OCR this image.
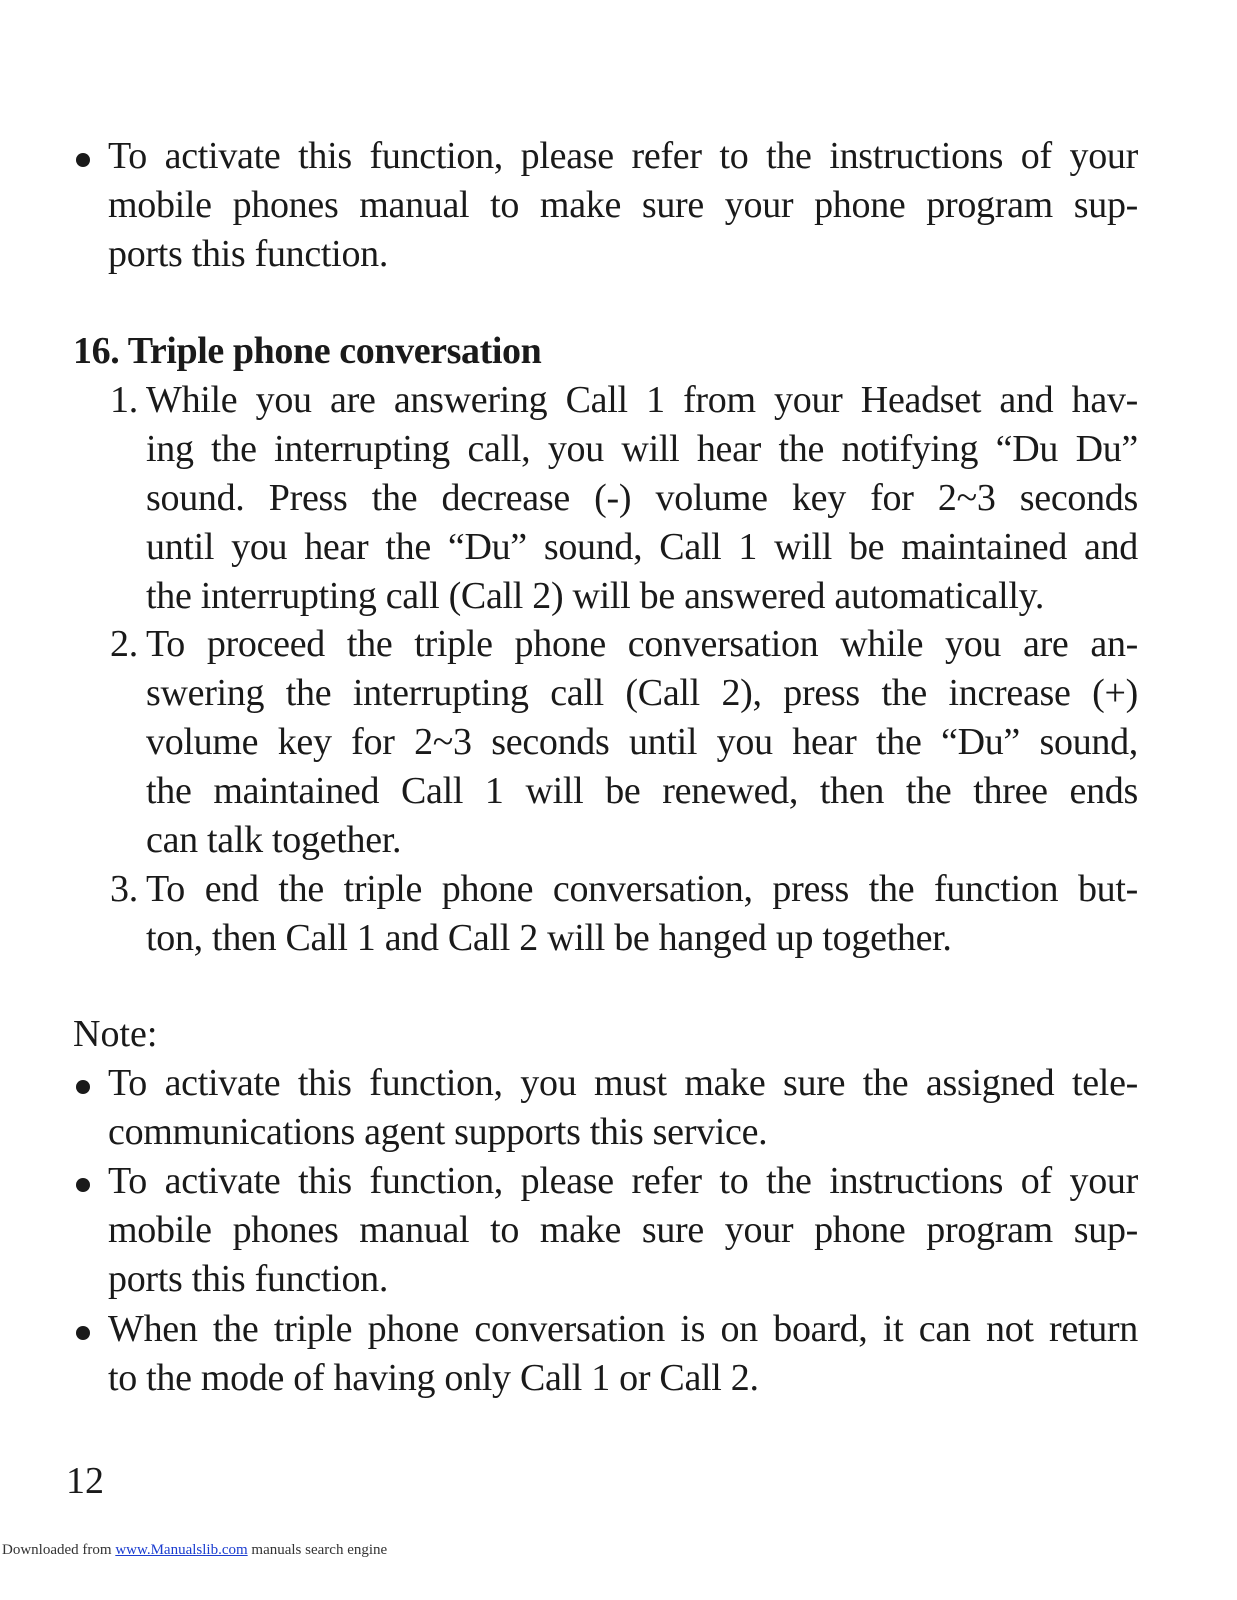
To activate this function, please refer to the instructions of your
mobile phones manual to make sure your phone program sup-
ports this function.
16. Triple phone conversation
1. While you are answering Call 1 from your Headset and hav-
ing the interrupting call, you will hear the notifying “Du Du”
sound. Press the decrease (-) volume key for 2~3 seconds
until you hear the “Du” sound, Call 1 will be maintained and
the interrupting call (Call 2) will be answered automatically.
2. To proceed the triple phone conversation while you are an-
swering the interrupting call (Call 2), press the increase (+)
volume key for 2~3 seconds until you hear the “Du” sound,
the maintained Call 1 will be renewed, then the three ends
can talk together.
3. To end the triple phone conversation, press the function but-
ton, then Call 1 and Call 2 will be hanged up together.
Note:
To activate this function, you must make sure the assigned tele-
communications agent supports this service.
To activate this function, please refer to the instructions of your
mobile phones manual to make sure your phone program sup-
ports this function.
When the triple phone conversation is on board, it can not return
to the mode of having only Call 1 or Call 2.
12
Downloaded from www.Manualslib.com manuals search engine
